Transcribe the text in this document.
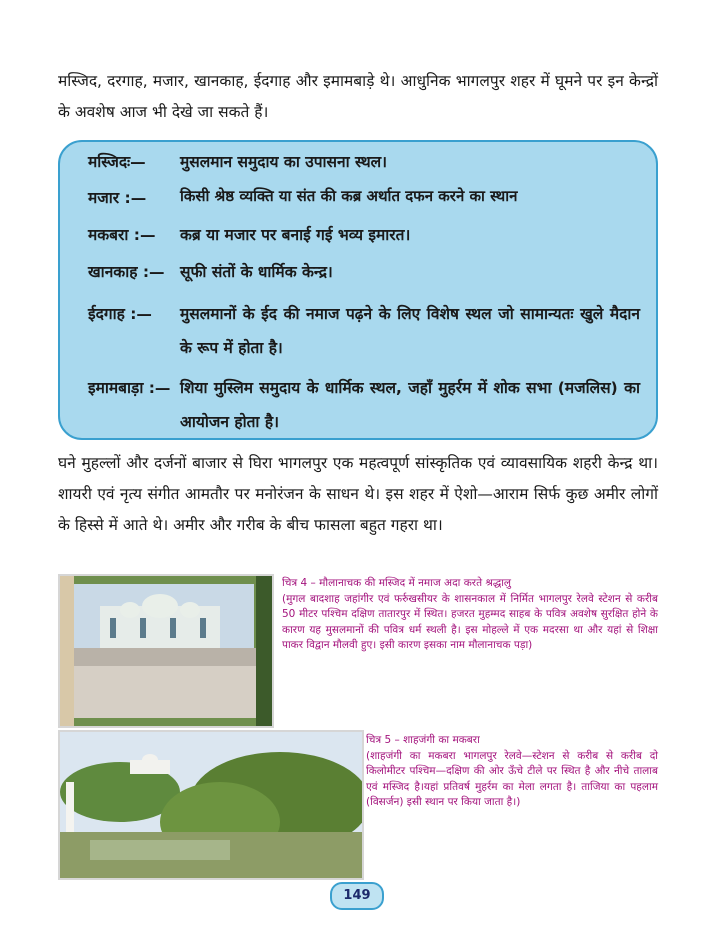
मस्जिद, दरगाह, मजार, खानकाह, ईदगाह और इमामबाड़े थे। आधुनिक भागलपुर शहर में घूमने पर इन केन्द्रों के अवशेष आज भी देखे जा सकते हैं।
मस्जिदः—	मुसलमान समुदाय का उपासना स्थल।
मजार :—	किसी श्रेष्ठ व्यक्ति या संत की कब्र अर्थात दफन करने का स्थान
मकबरा :—	कब्र या मजार पर बनाई गई भव्य इमारत।
खानकाह :— सूफी संतों के धार्मिक केन्द्र।
ईदगाह :—	मुसलमानों के ईद की नमाज पढ़ने के लिए विशेष स्थल जो सामान्यतः खुले मैदान के रूप में होता है।
इमामबाड़ा :— शिया मुस्लिम समुदाय के धार्मिक स्थल, जहाँ मुहर्रम में शोक सभा (मजलिस) का आयोजन होता है।
घने मुहल्लों और दर्जनों बाजार से घिरा भागलपुर एक महत्वपूर्ण सांस्कृतिक एवं व्यावसायिक शहरी केन्द्र था। शायरी एवं नृत्य संगीत आमतौर पर मनोरंजन के साधन थे। इस शहर में ऐशो—आराम सिर्फ कुछ अमीर लोगों के हिस्से में आते थे। अमीर और गरीब के बीच फासला बहुत गहरा था।
चित्र 4 – मौलानाचक की मस्जिद में नमाज अदा करते श्रद्धालु
(मुगल बादशाह जहांगीर एवं फर्रुखसीयर के शासनकाल में निर्मित भागलपुर रेलवे स्टेशन से करीब 50 मीटर पश्चिम दक्षिण तातारपुर में स्थित। हजरत मुहम्मद साहब के पवित्र अवशेष सुरक्षित होने के कारण यह मुसलमानों की पवित्र धर्म स्थली है। इस मोहल्ले में एक मदरसा था और यहां से शिक्षा पाकर विद्वान मौलवी हुए। इसी कारण इसका नाम मौलानाचक पड़ा)
चित्र 5 – शाहजंगी का मकबरा
(शाहजंगी का मकबरा भागलपुर रेलवे—स्टेशन से करीब से करीब दो किलोमीटर पश्चिम—दक्षिण की ओर ऊँचे टीले पर स्थित है और नीचे तालाब एवं मस्जिद है।यहां प्रतिवर्ष मुहर्रम का मेला लगता है। ताजिया का पहलाम (विसर्जन) इसी स्थान पर किया जाता है।)
149
